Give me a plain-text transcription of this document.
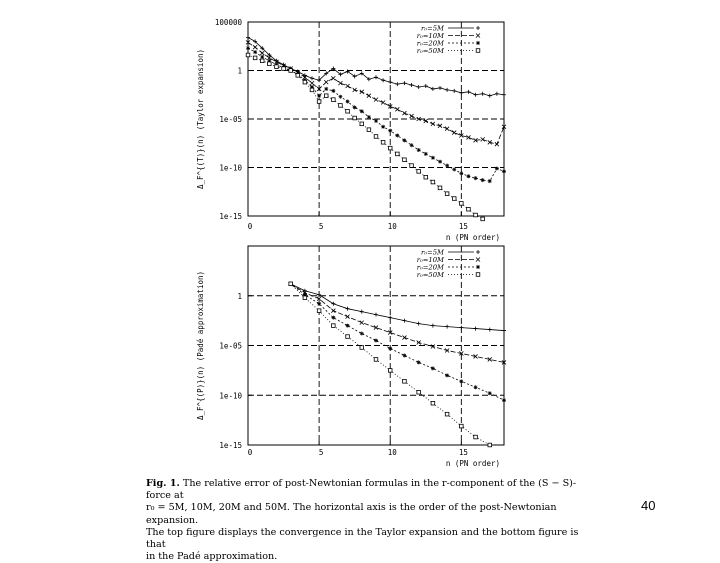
100000
1
1e-05
1e-10
1e-15
0	5	10	15
n (PN order)
Δ_F^{(T)}(n) (Taylor expansion)
r₀=5M
r₀=10M
r₀=20M
r₀=50M
1
1e-05
1e-10
1e-15
0	5	10	15
n (PN order)
Δ_F^{(P)}(n) (Padé approximation)
r₀=5M
r₀=10M
r₀=20M
r₀=50M

Fig. 1. The relative error of post-Newtonian formulas in the r-component of the (S − S)-force at

r₀ = 5M, 10M, 20M and 50M. The horizontal axis is the order of the post-Newtonian expansion.

The top figure displays the convergence in the Taylor expansion and the bottom figure is that

in the Padé approximation.

40
